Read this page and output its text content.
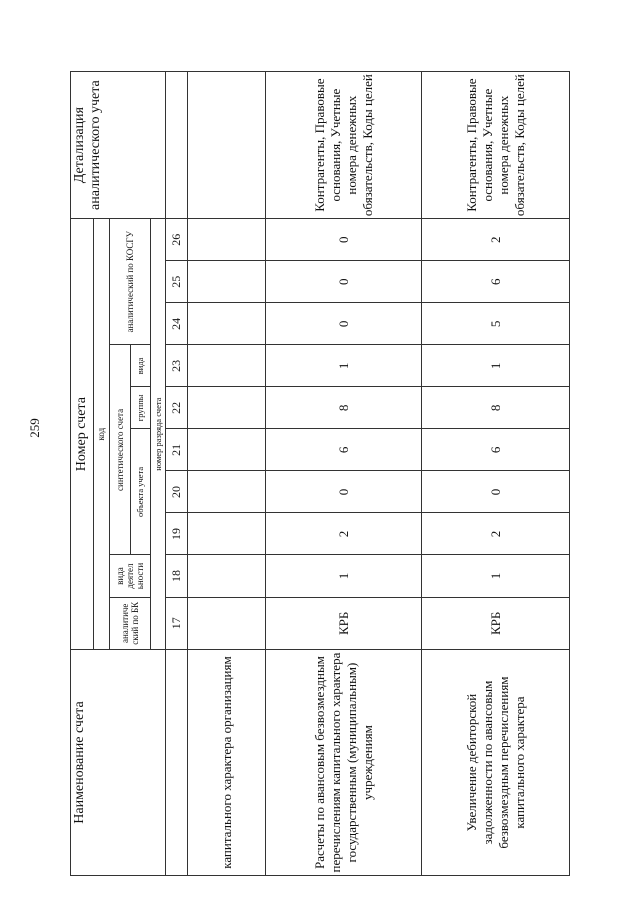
259
Наименование счета	Номер счета										Детализация аналитического учета
	код										
	аналитиче ский по БК	вида деятел ьности	синтетического счета					аналитический по КОСГУ			
			объекта учета			группы	вида				
	номер разряда счета										
	17	18	19	20	21	22	23	24	25	26	
капитального характера организациям											
Расчеты по авансовым безвозмездным перечислениям капитального характера государственным (муниципальным) учреждениям	КРБ	1	2	0	6	8	1	0	0	0	Контрагенты, Правовые основания, Учетные номера денежных обязательств, Коды целей
Увеличение дебиторской задолженности по авансовым безвозмездным перечислениям капитального характера	КРБ	1	2	0	6	8	1	5	6	2	Контрагенты, Правовые основания, Учетные номера денежных обязательств, Коды целей
